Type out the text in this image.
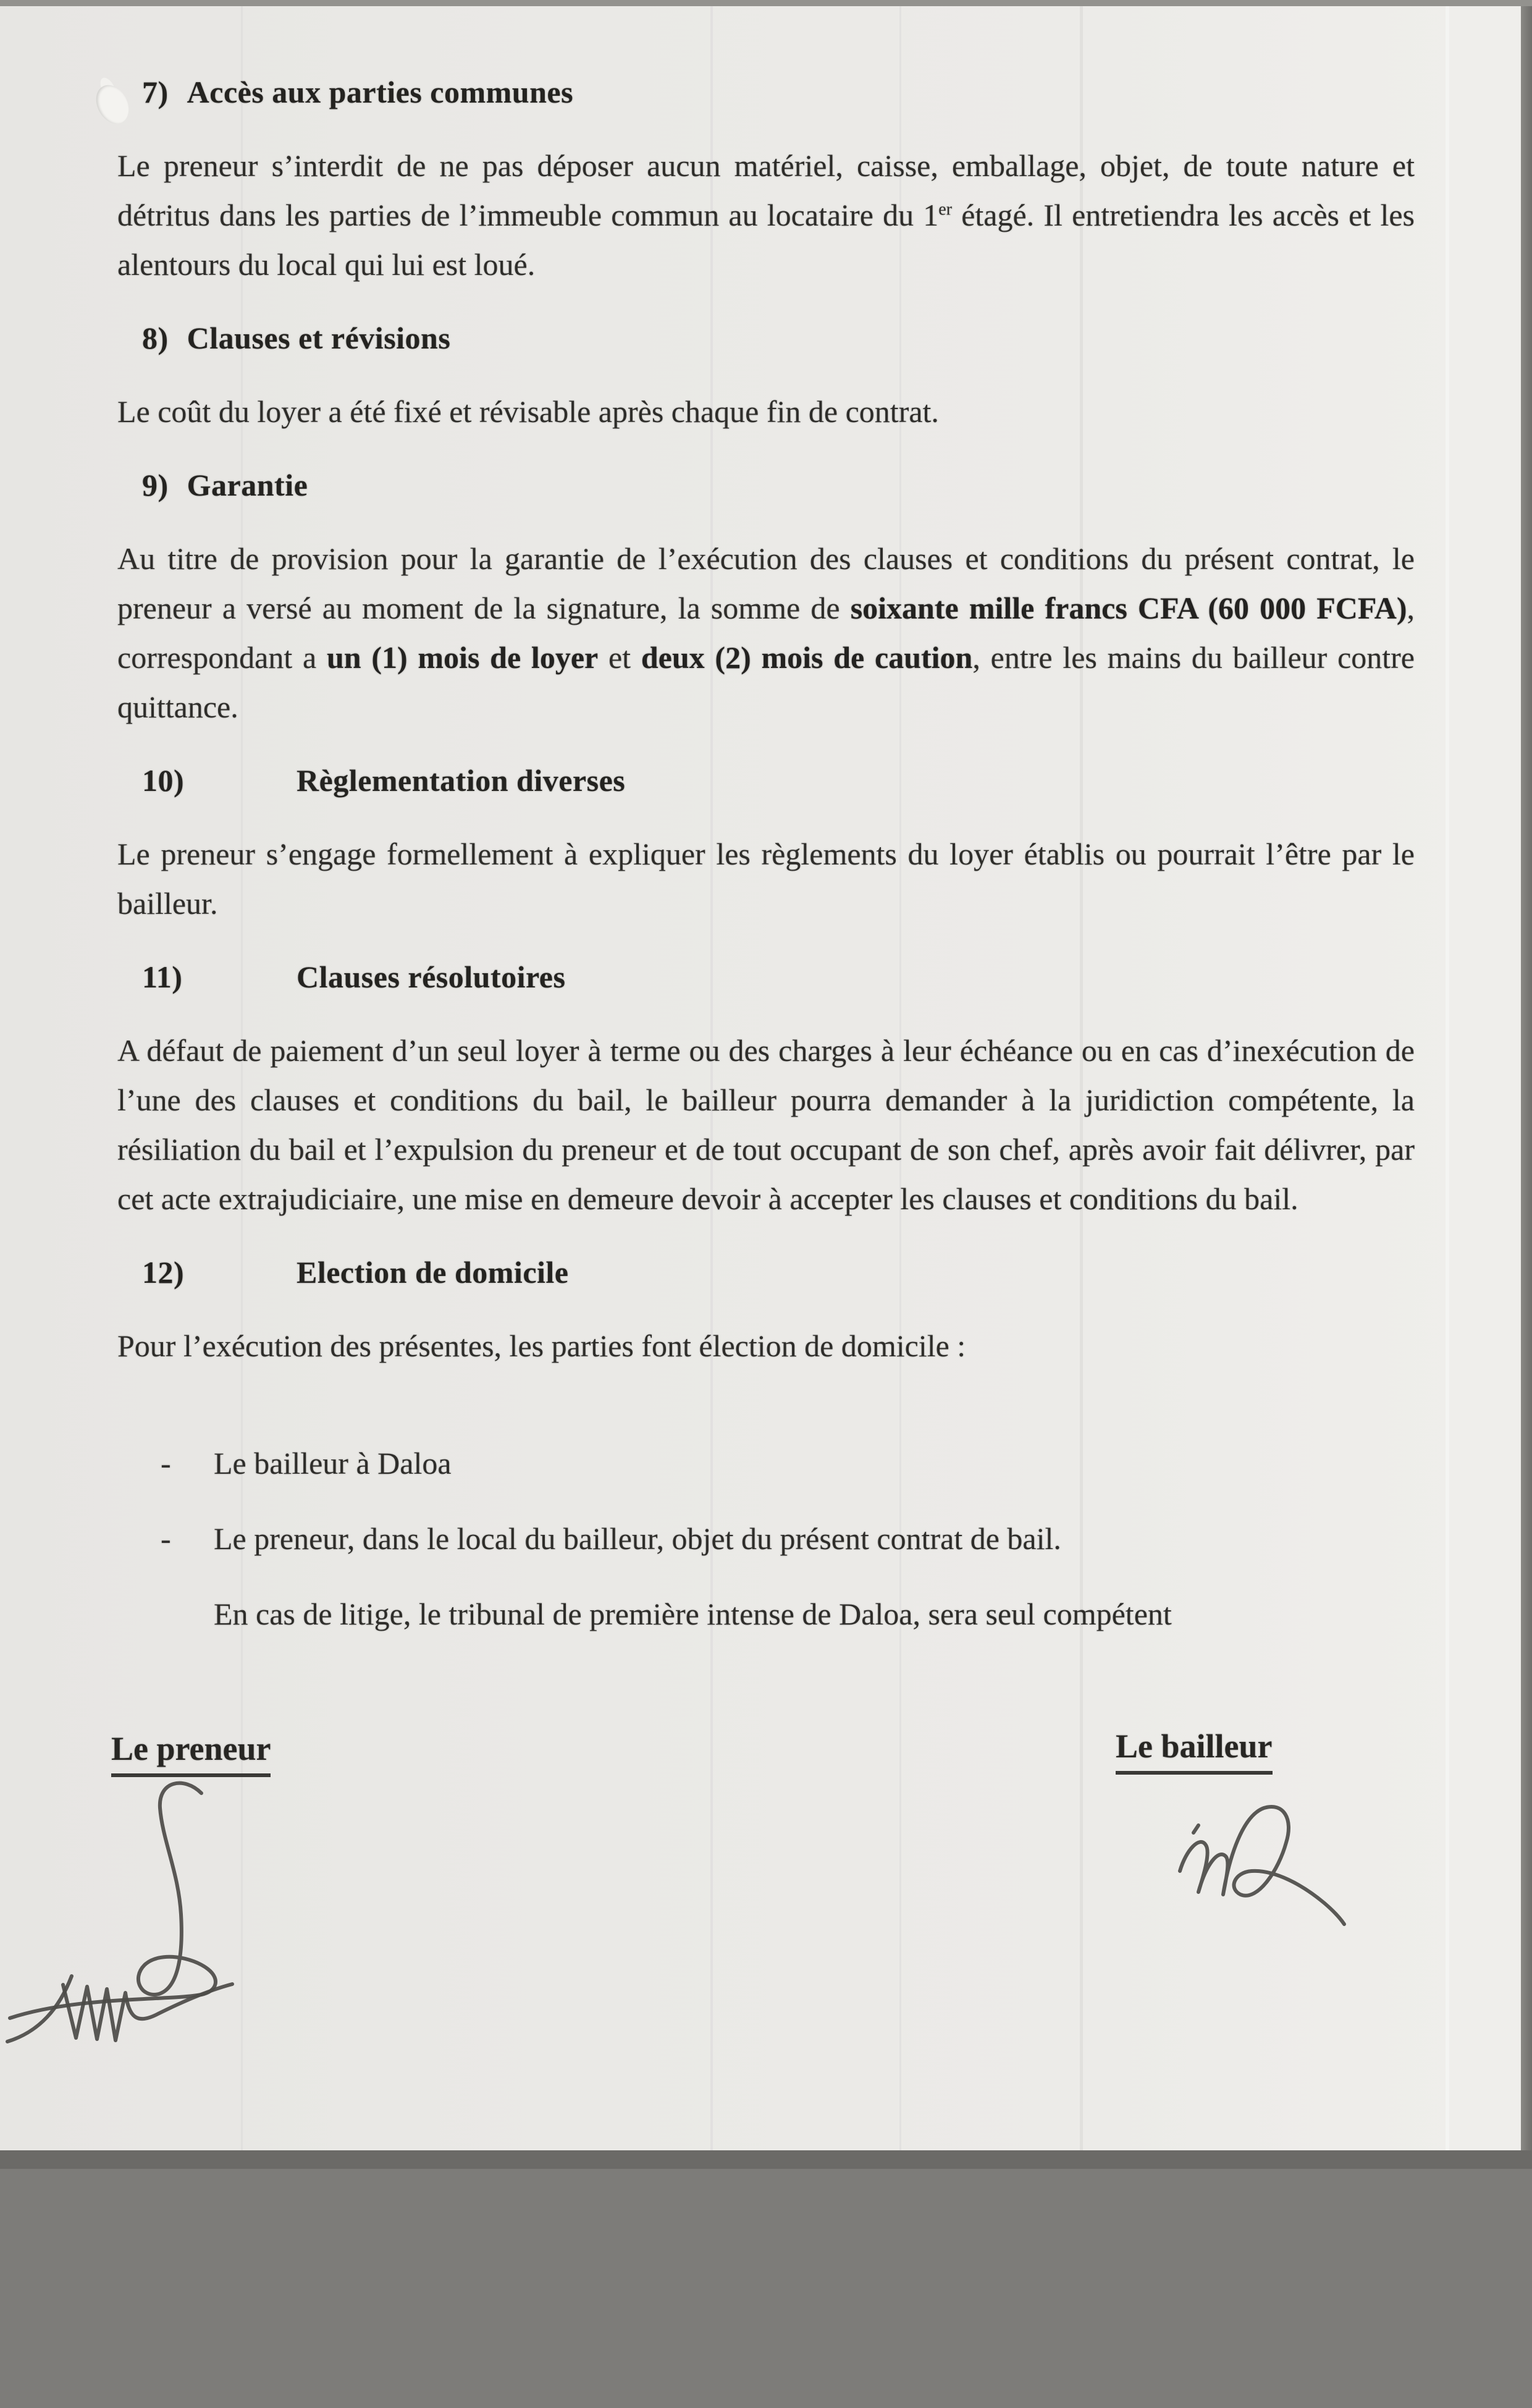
7) Accès aux parties communes

Le preneur s’interdit de ne pas déposer aucun matériel, caisse, emballage, objet, de toute nature et détritus dans les parties de l’immeuble commun au locataire du 1er étagé. Il entretiendra les accès et les alentours du local qui lui est loué.

8) Clauses et révisions

Le coût du loyer a été fixé et révisable après chaque fin de contrat.

9) Garantie

Au titre de provision pour la garantie de l’exécution des clauses et conditions du présent contrat, le preneur a versé au moment de la signature, la somme de soixante mille francs CFA (60 000 FCFA), correspondant a un (1) mois de loyer et deux (2) mois de caution, entre les mains du bailleur contre quittance.

10)	Règlementation diverses

Le preneur s’engage formellement à expliquer les règlements du loyer établis ou pourrait l’être par le bailleur.

11)	Clauses résolutoires

A défaut de paiement d’un seul loyer à terme ou des charges à leur échéance ou en cas d’inexécution de l’une des clauses et conditions du bail, le bailleur pourra demander à la juridiction compétente, la résiliation du bail et l’expulsion du preneur et de tout occupant de son chef, après avoir fait délivrer, par cet acte extrajudiciaire, une mise en demeure devoir à accepter les clauses et conditions du bail.

12)	Election de domicile

Pour l’exécution des présentes, les parties font élection de domicile :

-	Le bailleur à Daloa
-	Le preneur, dans le local du bailleur, objet du présent contrat de bail.
En cas de litige, le tribunal de première intense de Daloa, sera seul compétent
Le preneur	Le bailleur
